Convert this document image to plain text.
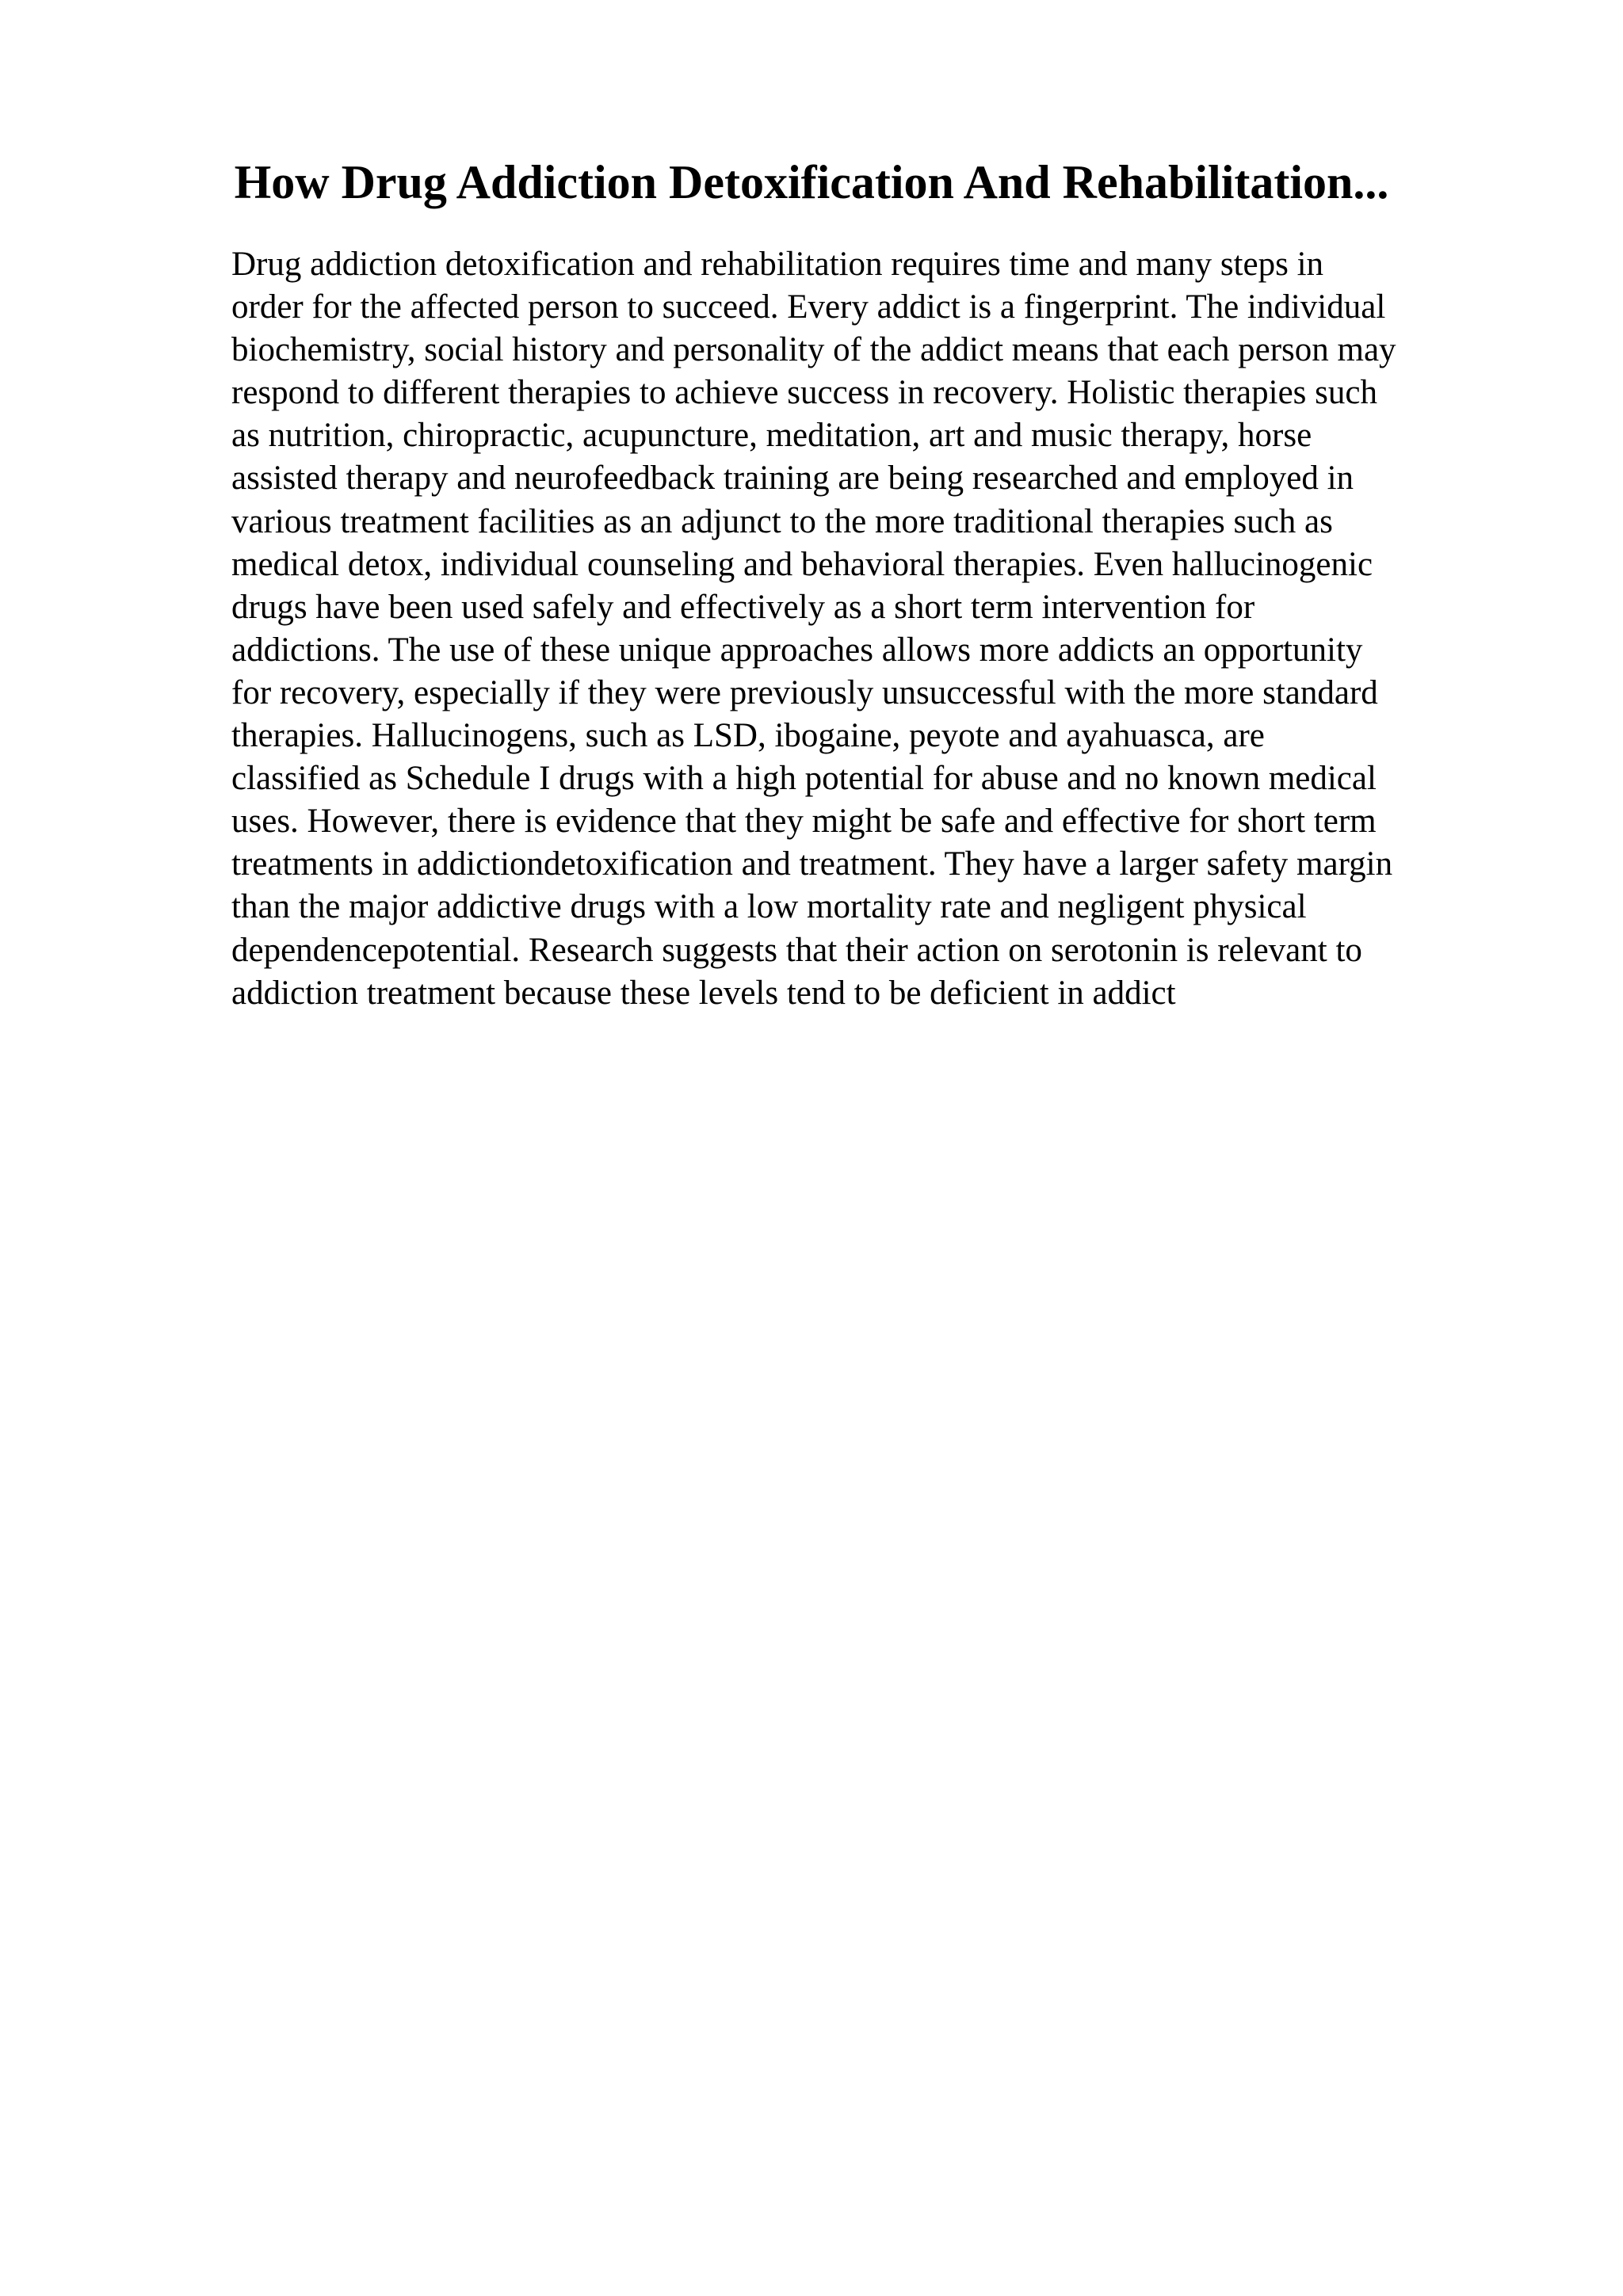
How Drug Addiction Detoxification And Rehabilitation...
Drug addiction detoxification and rehabilitation requires time and many steps in
order for the affected person to succeed. Every addict is a fingerprint. The individual
biochemistry, social history and personality of the addict means that each person may
respond to different therapies to achieve success in recovery. Holistic therapies such
as nutrition, chiropractic, acupuncture, meditation, art and music therapy, horse
assisted therapy and neurofeedback training are being researched and employed in
various treatment facilities as an adjunct to the more traditional therapies such as
medical detox, individual counseling and behavioral therapies. Even hallucinogenic
drugs have been used safely and effectively as a short term intervention for
addictions. The use of these unique approaches allows more addicts an opportunity
for recovery, especially if they were previously unsuccessful with the more standard
therapies. Hallucinogens, such as LSD, ibogaine, peyote and ayahuasca, are
classified as Schedule I drugs with a high potential for abuse and no known medical
uses. However, there is evidence that they might be safe and effective for short term
treatments in addictiondetoxification and treatment. They have a larger safety margin
than the major addictive drugs with a low mortality rate and negligent physical
dependencepotential. Research suggests that their action on serotonin is relevant to
addiction treatment because these levels tend to be deficient in addict
